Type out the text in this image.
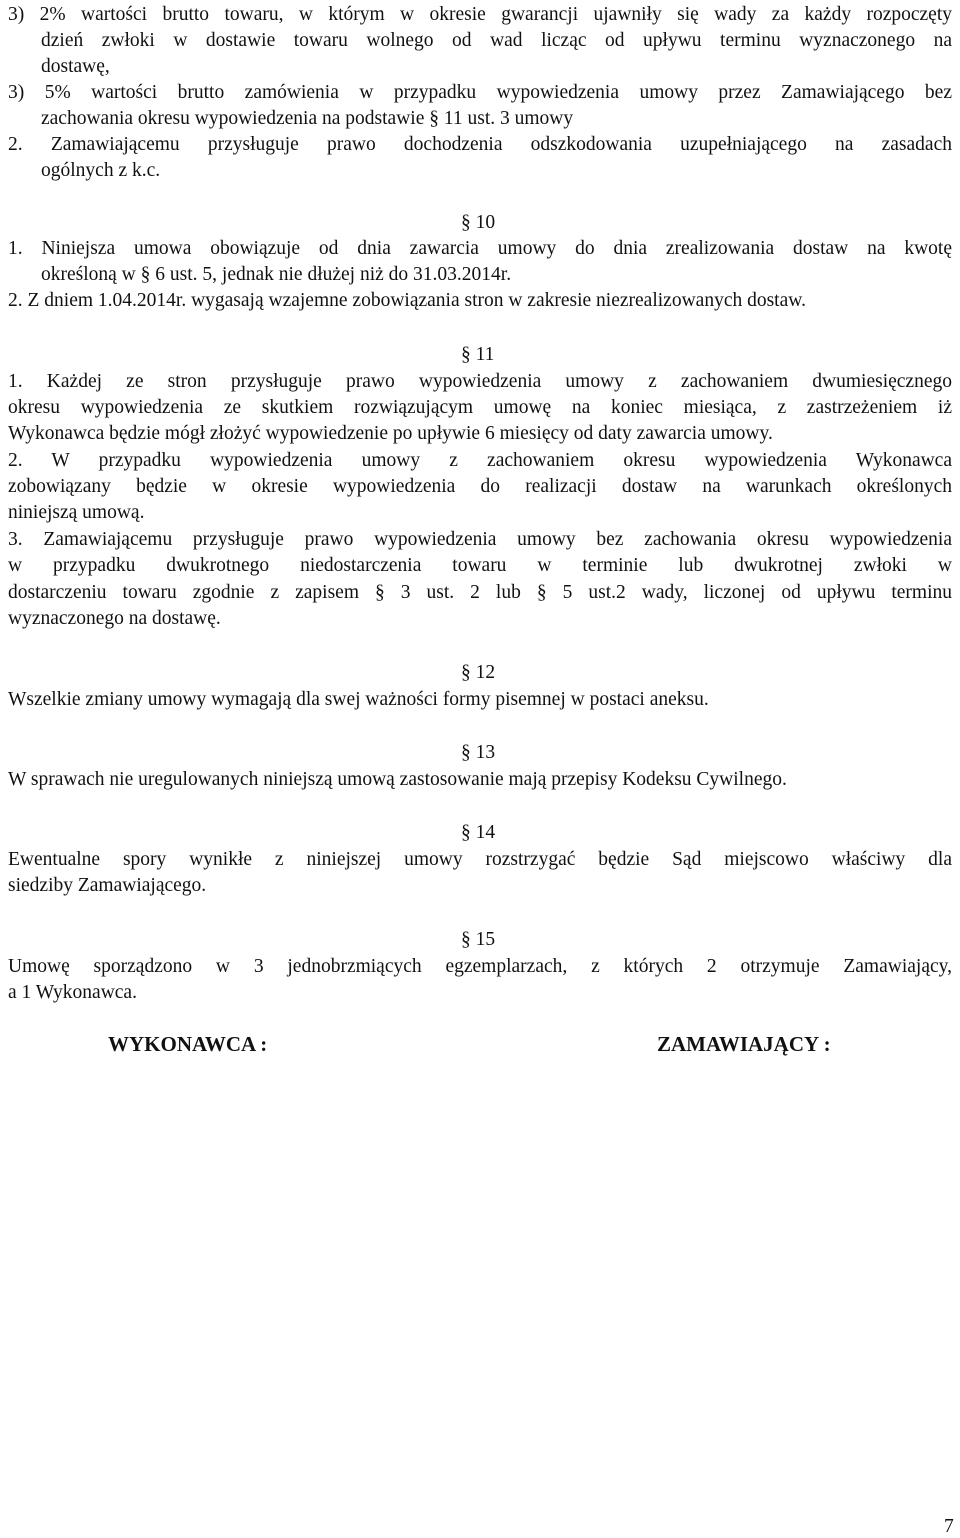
3) 2% wartości brutto towaru, w którym w okresie gwarancji ujawniły się wady za każdy rozpoczęty
dzień zwłoki w dostawie towaru wolnego od wad licząc od upływu terminu wyznaczonego na
dostawę,
3) 5% wartości brutto zamówienia w przypadku wypowiedzenia umowy przez Zamawiającego bez
zachowania okresu wypowiedzenia na podstawie § 11 ust. 3 umowy
2. Zamawiającemu przysługuje prawo dochodzenia odszkodowania uzupełniającego na zasadach
ogólnych z k.c.
§ 10
1. Niniejsza umowa obowiązuje od dnia zawarcia umowy do dnia zrealizowania dostaw na kwotę
określoną w § 6 ust. 5, jednak nie dłużej niż do 31.03.2014r.
2. Z dniem 1.04.2014r. wygasają wzajemne zobowiązania stron w zakresie niezrealizowanych dostaw.
§ 11
1. Każdej ze stron przysługuje prawo wypowiedzenia umowy z zachowaniem dwumiesięcznego
okresu wypowiedzenia ze skutkiem rozwiązującym umowę na koniec miesiąca, z zastrzeżeniem iż
Wykonawca będzie mógł złożyć wypowiedzenie po upływie 6 miesięcy od daty zawarcia umowy.
2. W przypadku wypowiedzenia umowy z zachowaniem okresu wypowiedzenia Wykonawca
zobowiązany będzie w okresie wypowiedzenia do realizacji dostaw na warunkach określonych
niniejszą umową.
3. Zamawiającemu przysługuje prawo wypowiedzenia umowy bez zachowania okresu wypowiedzenia
w przypadku dwukrotnego niedostarczenia towaru w terminie lub dwukrotnej zwłoki w
dostarczeniu towaru zgodnie z zapisem § 3 ust. 2 lub § 5 ust.2 wady, liczonej od upływu terminu
wyznaczonego na dostawę.
§ 12
Wszelkie zmiany umowy wymagają dla swej ważności formy pisemnej w postaci aneksu.
§ 13
W sprawach nie uregulowanych niniejszą umową zastosowanie mają przepisy Kodeksu Cywilnego.
§ 14
Ewentualne spory wynikłe z niniejszej umowy rozstrzygać będzie Sąd miejscowo właściwy dla
siedziby Zamawiającego.
§ 15
Umowę sporządzono w 3 jednobrzmiących egzemplarzach, z których 2 otrzymuje Zamawiający,
a 1 Wykonawca.
WYKONAWCA :	ZAMAWIAJĄCY :
7
